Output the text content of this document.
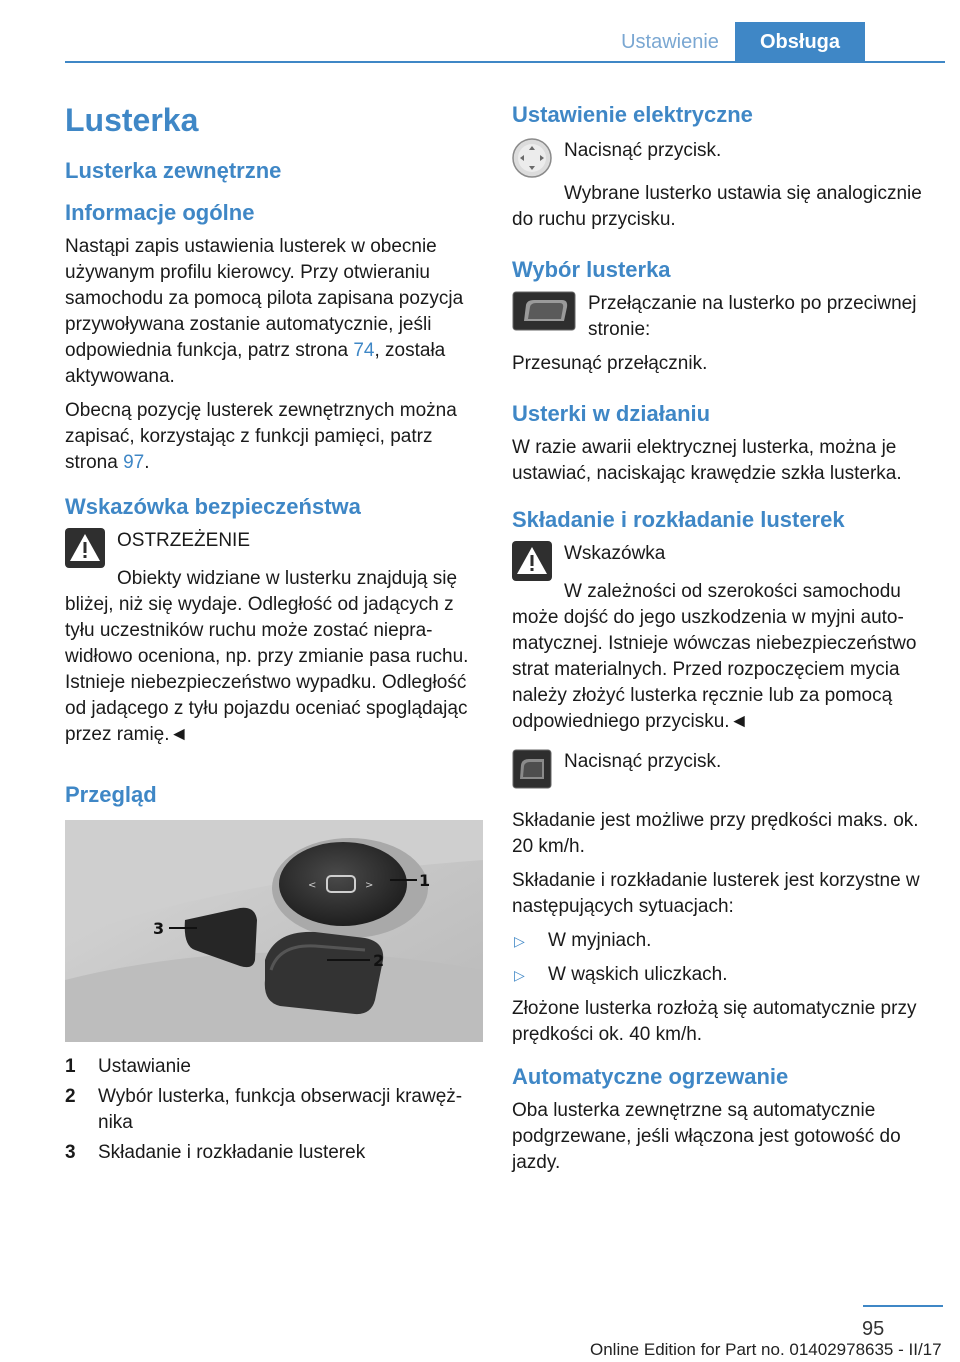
Ustawienie	Obsługa
Lusterka
Lusterka zewnętrzne
Informacje ogólne

Nastąpi zapis ustawienia lusterek w obecnie używanym profilu kierowcy. Przy otwieraniu samochodu za pomocą pilota zapisana pozycja przywoływana zostanie automatycznie, jeśli odpowiednia funkcja, patrz strona 74, została aktywowana.

Obecną pozycję lusterek zewnętrznych można zapisać, korzystając z funkcji pamięci, patrz strona 97.

Wskazówka bezpieczeństwa

OSTRZEŻENIE

Obiekty widziane w lusterku znajdują się bliżej, niż się wydaje. Odległość od jadących z tyłu uczestników ruchu może zostać nieprawidłowo oceniona, np. przy zmianie pasa ruchu. Istnieje niebezpieczeństwo wypadku. Odległość od jadącego z tyłu pojazdu oceniać spoglądając przez ramię.◄

Przegląd
<	>	1
2
3
1	Ustawianie
2	Wybór lusterka, funkcja obserwacji krawężnika
3	Składanie i rozkładanie lusterek
Ustawienie elektryczne

Nacisnąć przycisk.

Wybrane lusterko ustawia się analogicznie do ruchu przycisku.

Wybór lusterka

Przełączanie na lusterko po przeciwnej stronie:

Przesunąć przełącznik.

Usterki w działaniu

W razie awarii elektrycznej lusterka, można je ustawiać, naciskając krawędzie szkła lusterka.

Składanie i rozkładanie lusterek

Wskazówka

W zależności od szerokości samochodu może dojść do jego uszkodzenia w myjni automatycznej. Istnieje wówczas niebezpieczeństwo strat materialnych. Przed rozpoczęciem mycia należy złożyć lusterka ręcznie lub za pomocą odpowiedniego przycisku.◄

Nacisnąć przycisk.

Składanie jest możliwe przy prędkości maks. ok. 20 km/h.

Składanie i rozkładanie lusterek jest korzystne w następujących sytuacjach:

▷	W myjniach.
▷	W wąskich uliczkach.

Złożone lusterka rozłożą się automatycznie przy prędkości ok. 40 km/h.

Automatyczne ogrzewanie

Oba lusterka zewnętrzne są automatycznie podgrzewane, jeśli włączona jest gotowość do jazdy.

95
Online Edition for Part no. 01402978635 - II/17
